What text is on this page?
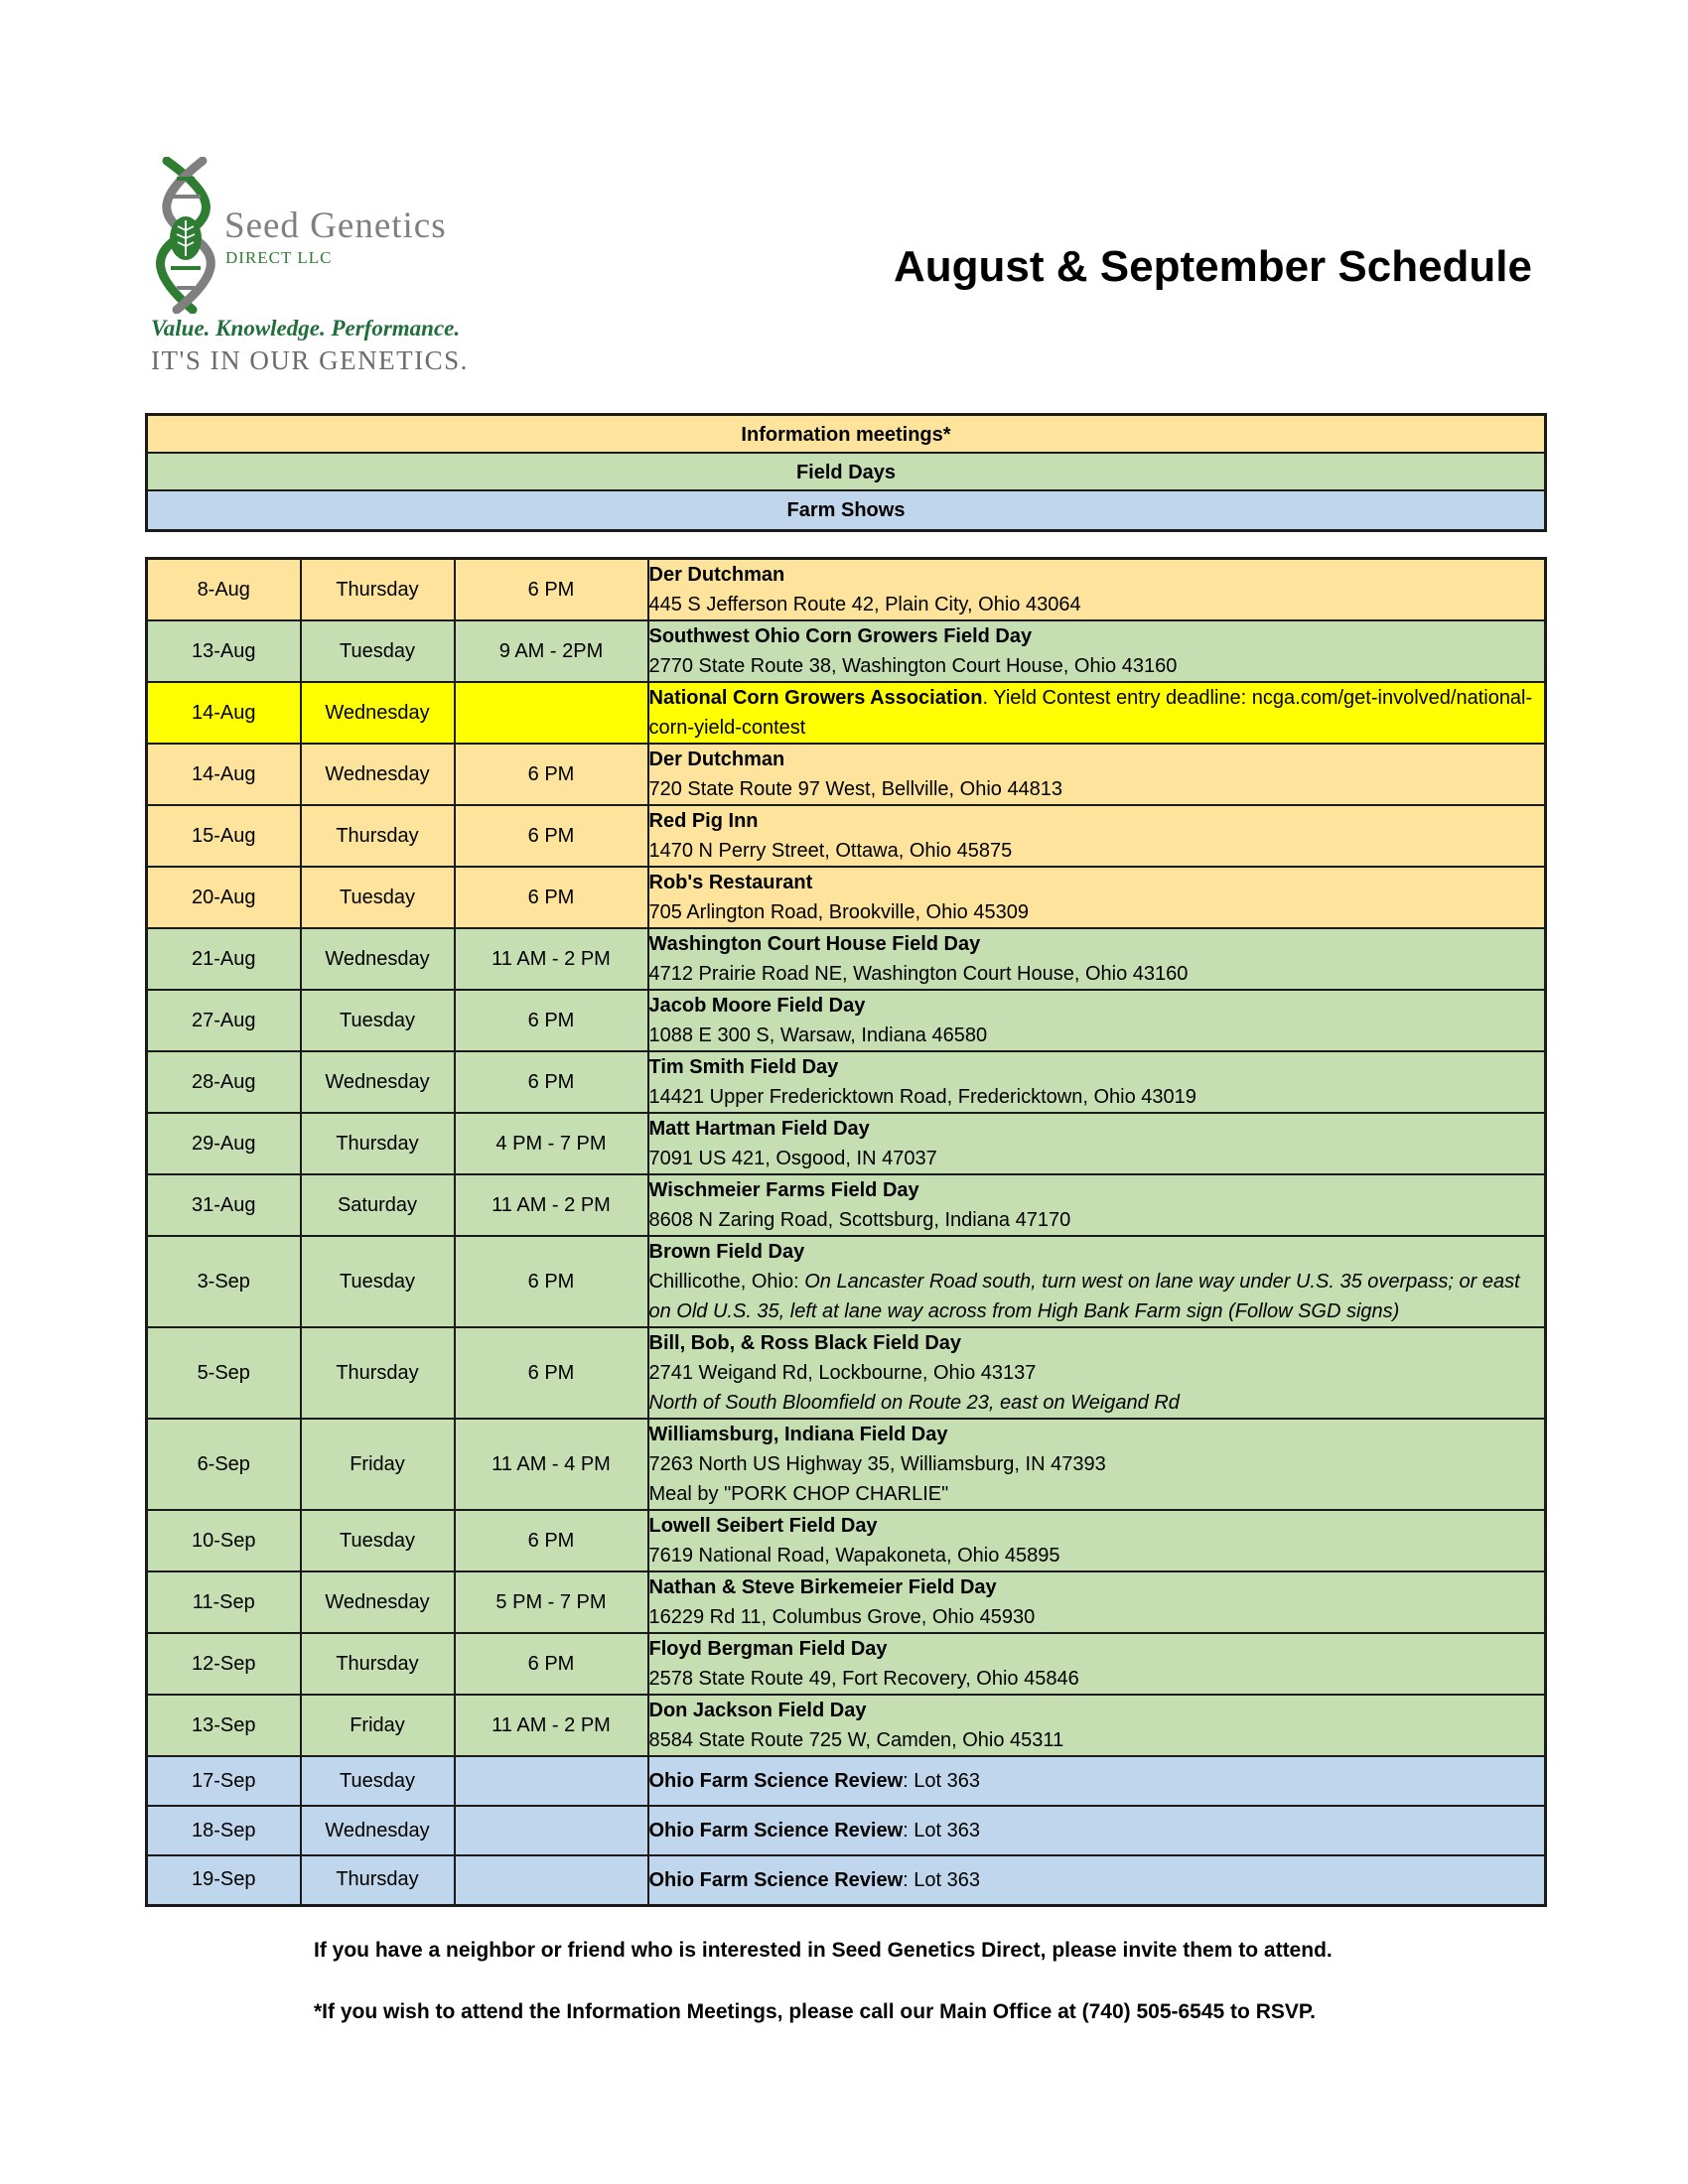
Seed Genetics
DIRECT LLC
Value. Knowledge. Performance.
IT'S IN OUR GENETICS.
August & September Schedule
Information meetings*
Field Days
Farm Shows
8-Aug	Thursday	6 PM	Der Dutchman
445 S Jefferson Route 42, Plain City, Ohio 43064

13-Aug	Tuesday	9 AM - 2PM	Southwest Ohio Corn Growers Field Day
2770 State Route 38, Washington Court House, Ohio 43160

14-Aug	Wednesday		National Corn Growers Association. Yield Contest entry deadline: ncga.com/get-involved/national-corn-yield-contest

14-Aug	Wednesday	6 PM	Der Dutchman
720 State Route 97 West, Bellville, Ohio 44813

15-Aug	Thursday	6 PM	Red Pig Inn
1470 N Perry Street, Ottawa, Ohio 45875

20-Aug	Tuesday	6 PM	Rob's Restaurant
705 Arlington Road, Brookville, Ohio 45309

21-Aug	Wednesday	11 AM - 2 PM	Washington Court House Field Day
4712 Prairie Road NE, Washington Court House, Ohio 43160

27-Aug	Tuesday	6 PM	Jacob Moore Field Day
1088 E 300 S, Warsaw, Indiana 46580

28-Aug	Wednesday	6 PM	Tim Smith Field Day
14421 Upper Fredericktown Road, Fredericktown, Ohio 43019

29-Aug	Thursday	4 PM - 7 PM	Matt Hartman Field Day
7091 US 421, Osgood, IN 47037

31-Aug	Saturday	11 AM - 2 PM	Wischmeier Farms Field Day
8608 N Zaring Road, Scottsburg, Indiana 47170

3-Sep	Tuesday	6 PM	Brown Field Day
Chillicothe, Ohio: On Lancaster Road south, turn west on lane way under U.S. 35 overpass; or east on Old U.S. 35, left at lane way across from High Bank Farm sign (Follow SGD signs)

5-Sep	Thursday	6 PM	Bill, Bob, & Ross Black Field Day
2741 Weigand Rd, Lockbourne, Ohio 43137
North of South Bloomfield on Route 23, east on Weigand Rd

6-Sep	Friday	11 AM - 4 PM	Williamsburg, Indiana Field Day
7263 North US Highway 35, Williamsburg, IN 47393
Meal by "PORK CHOP CHARLIE"

10-Sep	Tuesday	6 PM	Lowell Seibert Field Day
7619 National Road, Wapakoneta, Ohio 45895

11-Sep	Wednesday	5 PM - 7 PM	Nathan & Steve Birkemeier Field Day
16229 Rd 11, Columbus Grove, Ohio 45930

12-Sep	Thursday	6 PM	Floyd Bergman Field Day
2578 State Route 49, Fort Recovery, Ohio 45846

13-Sep	Friday	11 AM - 2 PM	Don Jackson Field Day
8584 State Route 725 W, Camden, Ohio 45311

17-Sep	Tuesday		Ohio Farm Science Review: Lot 363

18-Sep	Wednesday		Ohio Farm Science Review: Lot 363

19-Sep	Thursday		Ohio Farm Science Review: Lot 363
If you have a neighbor or friend who is interested in Seed Genetics Direct, please invite them to attend.
*If you wish to attend the Information Meetings, please call our Main Office at (740) 505-6545 to RSVP.
